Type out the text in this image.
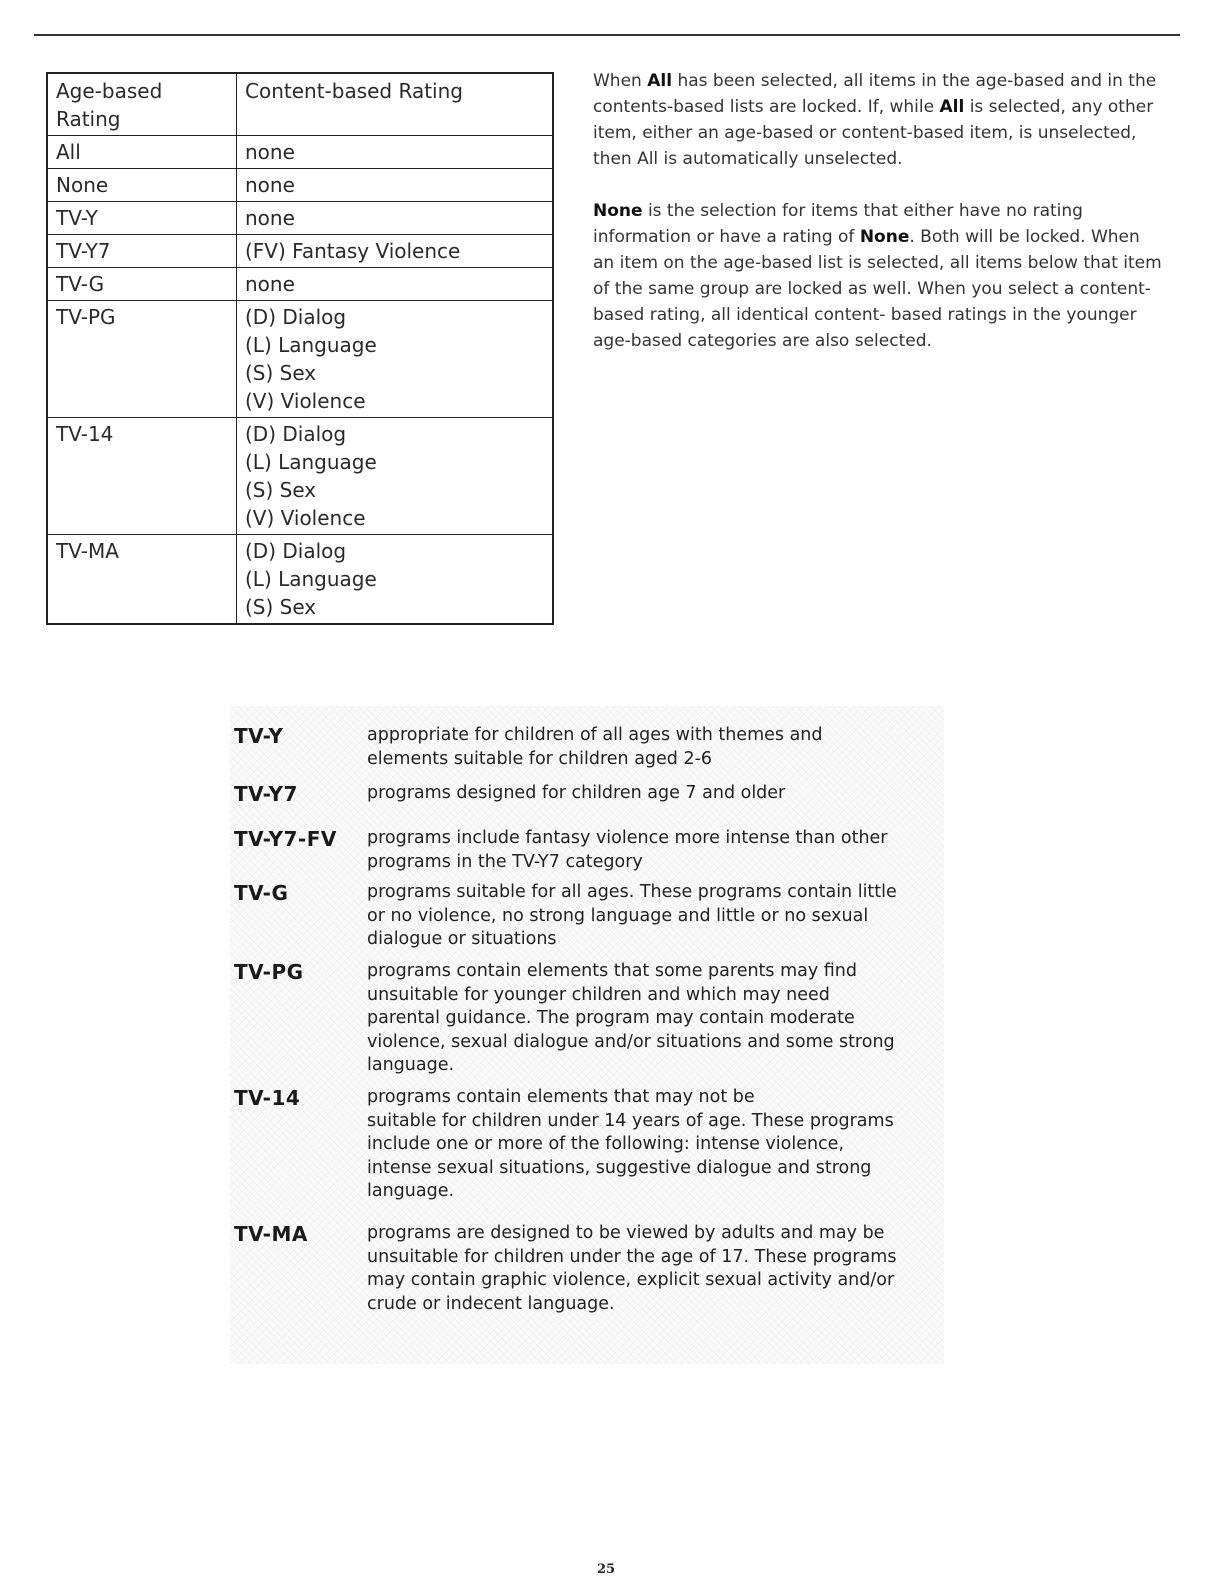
Age-based Rating	Content-based Rating
All	none

None	none

TV-Y	none

TV-Y7	(FV) Fantasy Violence

TV-G	none

TV-PG	(D) Dialog
(L) Language
(S) Sex
(V) Violence

TV-14	(D) Dialog
(L) Language
(S) Sex
(V) Violence

TV-MA	(D) Dialog
(L) Language
(S) Sex

When All has been selected, all items in the age-based and in the contents-based lists are locked. If, while All is selected, any other item, either an age-based or content-based item, is unselected, then All is automatically unselected.

None is the selection for items that either have no rating information or have a rating of None. Both will be locked. When an item on the age-based list is selected, all items below that item of the same group are locked as well. When you select a content-based rating, all identical content- based ratings in the younger age-based categories are also selected.

TV-Y	appropriate for children of all ages with themes and
elements suitable for children aged 2-6
TV-Y7	programs designed for children age 7 and older
TV-Y7-FV programs include fantasy violence more intense than other
programs in the TV-Y7 category
TV-G	programs suitable for all ages. These programs contain little
or no violence, no strong language and little or no sexual
dialogue or situations
TV-PG	programs contain elements that some parents may find
unsuitable for younger children and which may need
parental guidance. The program may contain moderate
violence, sexual dialogue and/or situations and some strong
language.
TV-14	programs contain elements that may not be
suitable for children under 14 years of age. These programs
include one or more of the following: intense violence,
intense sexual situations, suggestive dialogue and strong
language.
TV-MA	programs are designed to be viewed by adults and may be
unsuitable for children under the age of 17. These programs
may contain graphic violence, explicit sexual activity and/or
crude or indecent language.
25
